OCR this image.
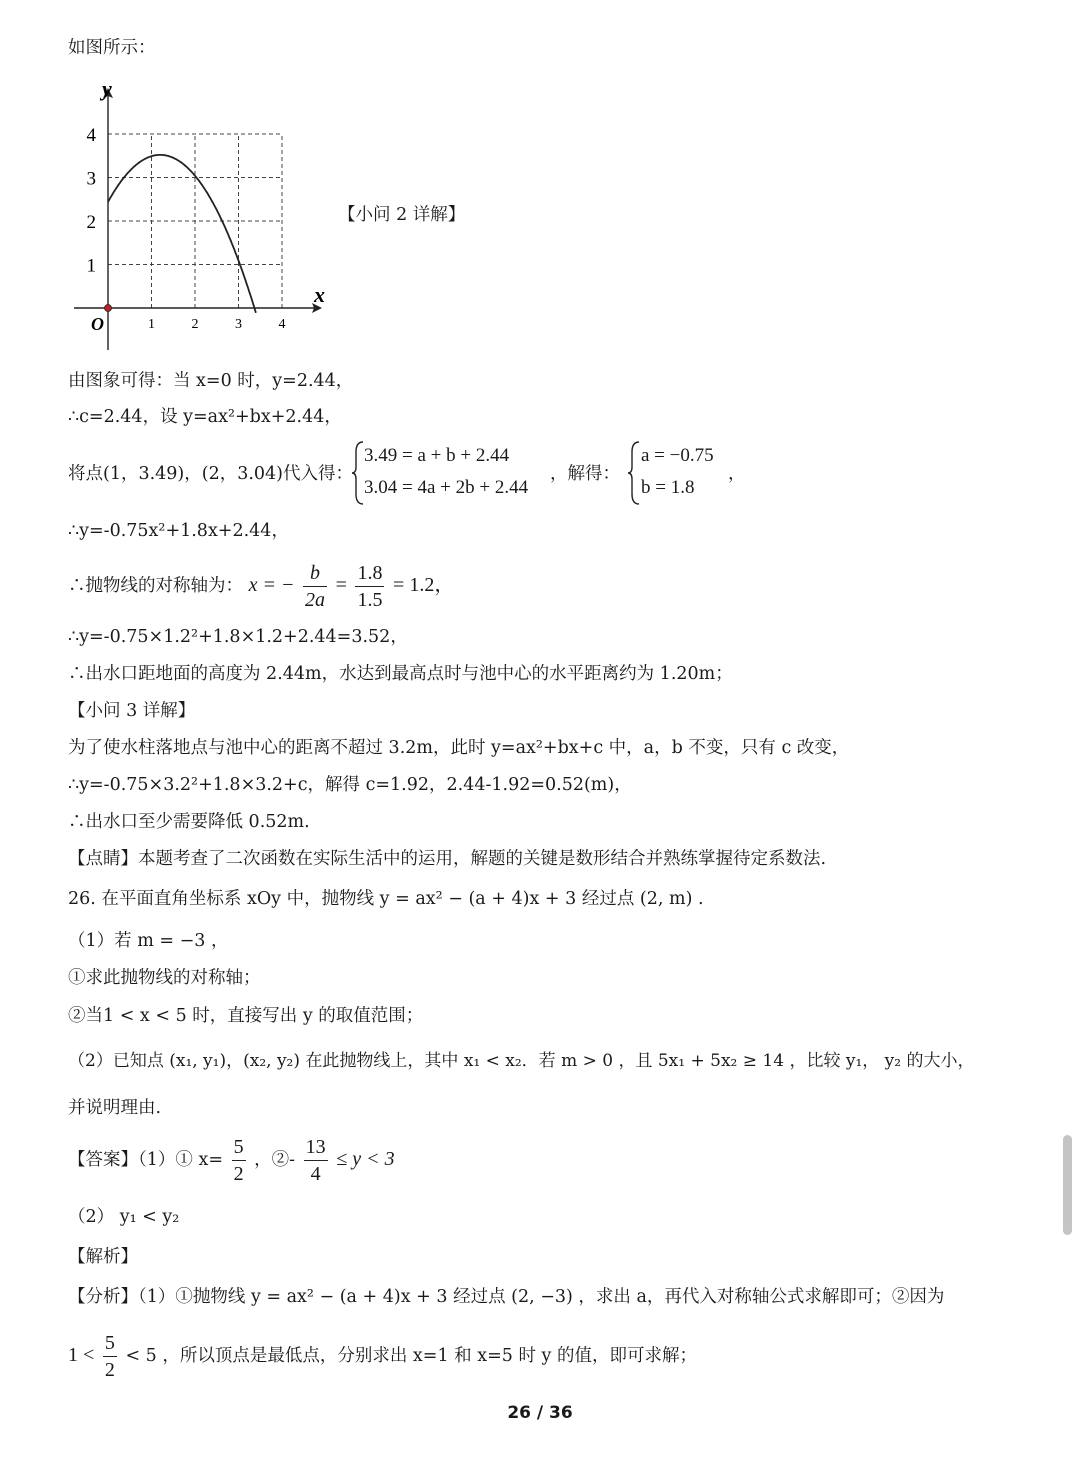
如图所示：
1	2	3	4
1
2
3
4
O
x
y
【小问 2 详解】
由图象可得：当 x=0 时，y=2.44，
∴c=2.44，设 y=ax²+bx+2.44，
将点(1，3.49)，(2，3.04)代入得：
3.49 = a + b + 2.44
3.04 = 4a + 2b + 2.44
，解得：
a = −0.75
b = 1.8
，
∴y=-0.75x²+1.8x+2.44，
∴抛物线的对称轴为： x = − $\frac{b}{2a} = \frac{1.8}{1.5} = 1.2$，
∴y=-0.75×1.2²+1.8×1.2+2.44=3.52，
∴出水口距地面的高度为 2.44m，水达到最高点时与池中心的水平距离约为 1.20m；
【小问 3 详解】
为了使水柱落地点与池中心的距离不超过 3.2m，此时 y=ax²+bx+c 中，a，b 不变，只有 c 改变，
∴y=-0.75×3.2²+1.8×3.2+c，解得 c=1.92，2.44-1.92=0.52(m)，
∴出水口至少需要降低 0.52m.
【点睛】本题考查了二次函数在实际生活中的运用，解题的关键是数形结合并熟练掌握待定系数法.
26. 在平面直角坐标系 xOy 中，抛物线 y = ax² − (a + 4)x + 3 经过点 (2, m) .
（1）若 m = −3 ，
①求此抛物线的对称轴；
②当1 < x < 5 时，直接写出 y 的取值范围；
（2）已知点 (x₁, y₁)，(x₂, y₂) 在此抛物线上，其中 x₁ < x₂．若 m > 0 ，且 5x₁ + 5x₂ ≥ 14 ，比较 y₁， y₂ 的大小，
并说明理由.
【答案】（1）① $x= \frac{5}{2}$ ，②- $\frac{13}{4} \le y < 3$
（2） y₁ < y₂
【解析】
【分析】（1）①抛物线 y = ax² − (a + 4)x + 3 经过点 (2, −3) ，求出 a，再代入对称轴公式求解即可；②因为
$1 < \frac{5}{2} < 5$ ，所以顶点是最低点，分别求出 x=1 和 x=5 时 y 的值，即可求解；
26 / 36
